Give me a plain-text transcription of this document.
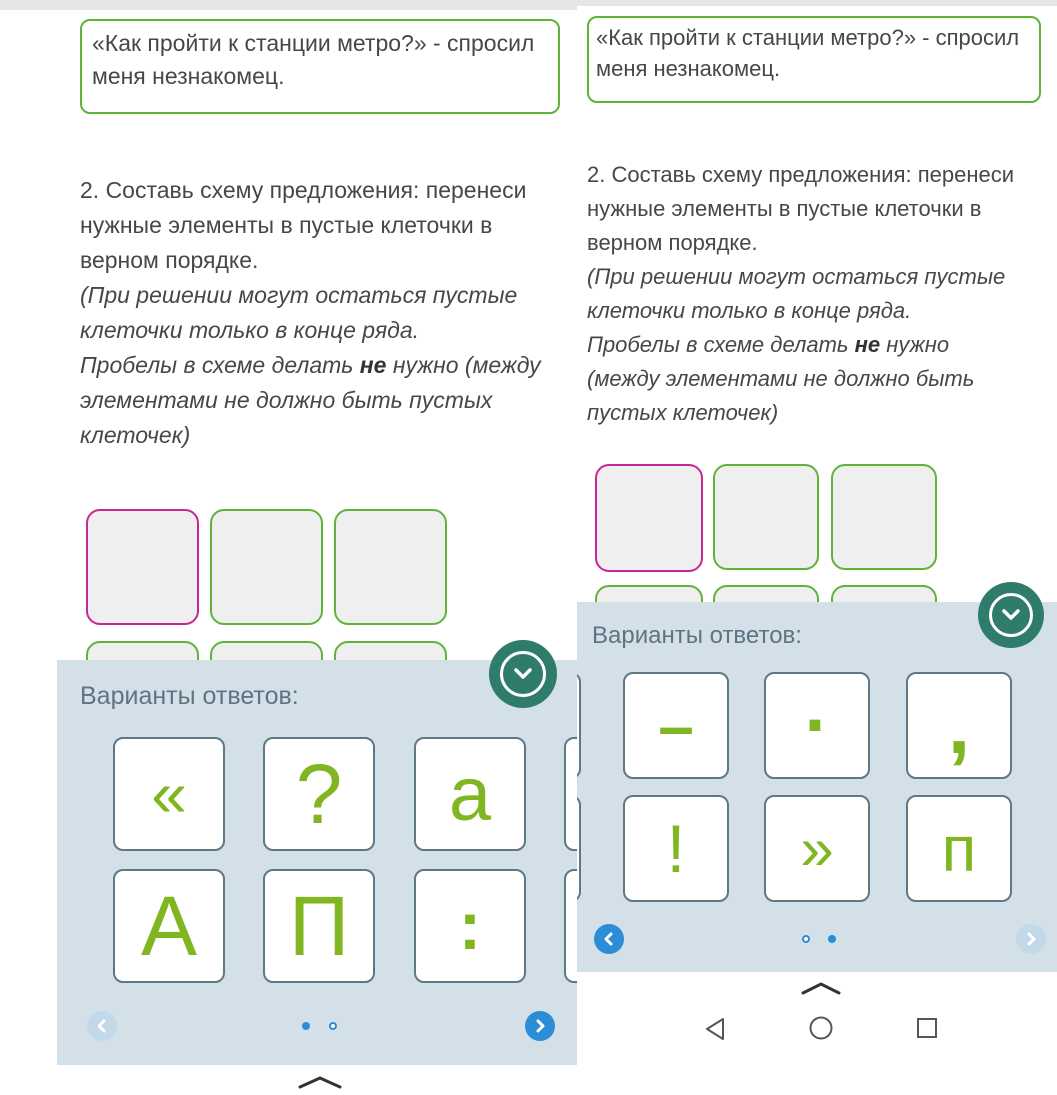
«Как пройти к станции метро?» - спросил меня незнакомец.

2. Составь схему предложения: перенеси нужные элементы в пустые клеточки в верном порядке.

(При решении могут остаться пустые клеточки только в конце ряда.

Пробелы в схеме делать не нужно (между элементами не должно быть пустых клеточек)

Варианты ответов:
«	?	а
А	П	:
«Как пройти к станции метро?» - спросил меня незнакомец.

2. Составь схему предложения: перенеси нужные элементы в пустые клеточки в верном порядке.

(При решении могут остаться пустые клеточки только в конце ряда.

Пробелы в схеме делать не нужно (между элементами не должно быть пустых клеточек)

Варианты ответов:
–	·	,
!	»	п
